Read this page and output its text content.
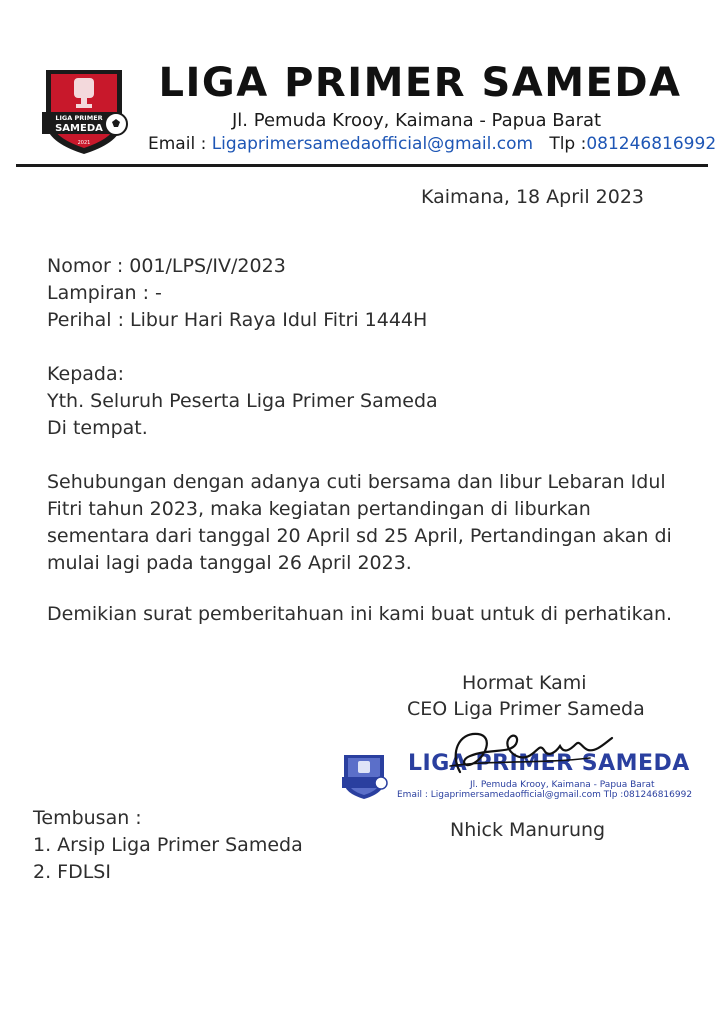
LIGA PRIMER
SAMEDA
2021
LIGA PRIMER SAMEDA
Jl. Pemuda Krooy, Kaimana - Papua Barat
Email : Ligaprimersamedaofficial@gmail.com Tlp :081246816992
Kaimana, 18 April 2023
Nomor : 001/LPS/IV/2023
Lampiran : -
Perihal : Libur Hari Raya Idul Fitri 1444H
Kepada:
Yth. Seluruh Peserta Liga Primer Sameda
Di tempat.
Sehubungan dengan adanya cuti bersama dan libur Lebaran Idul Fitri tahun 2023, maka kegiatan pertandingan di liburkan sementara dari tanggal 20 April sd 25 April, Pertandingan akan di mulai lagi pada tanggal 26 April 2023.
Demikian surat pemberitahuan ini kami buat untuk di perhatikan.
Hormat Kami
CEO Liga Primer Sameda
LIGA PRIMER SAMEDA
Jl. Pemuda Krooy, Kaimana - Papua Barat
Email : Ligaprimersamedaofficial@gmail.com Tlp :081246816992
Nhick Manurung
Tembusan :
1. Arsip Liga Primer Sameda
2. FDLSI
